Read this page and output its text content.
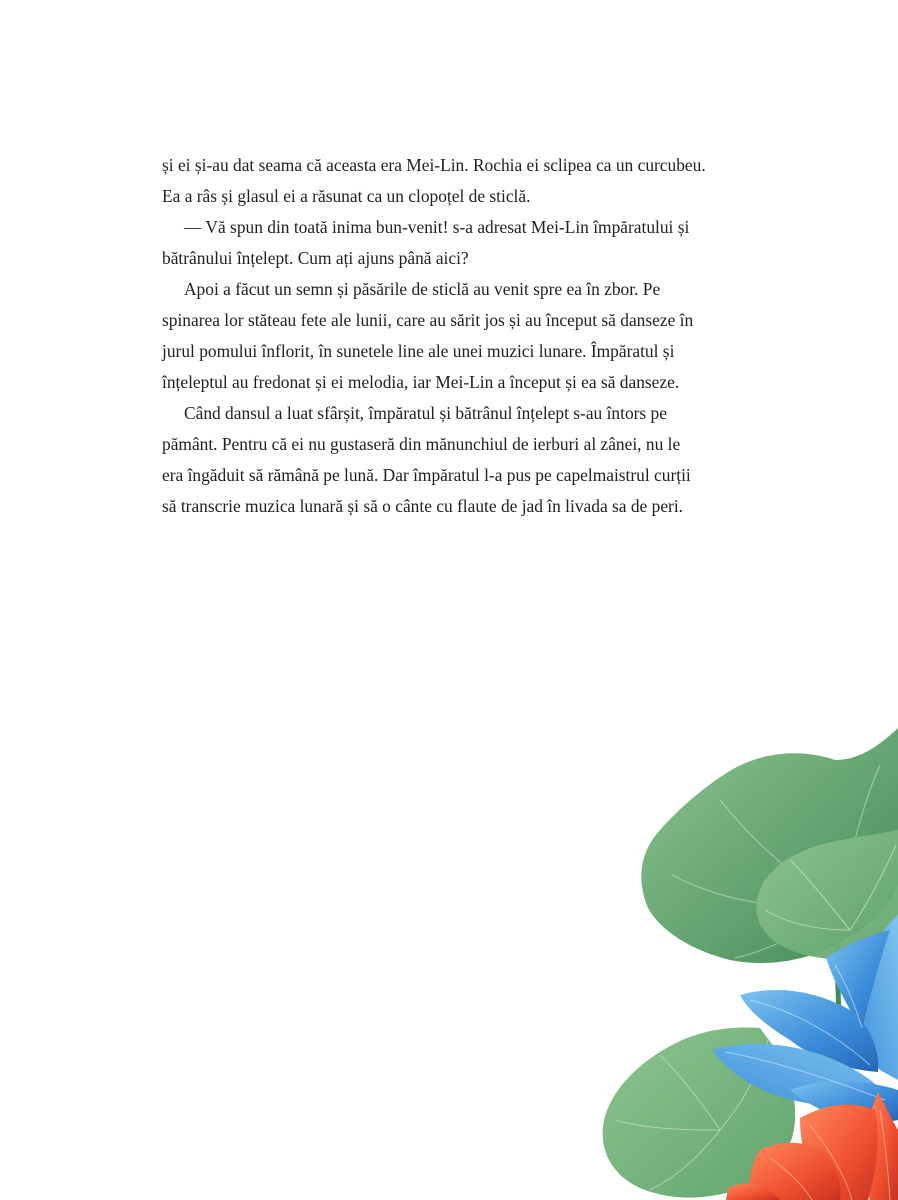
și ei și-au dat seama că aceasta era Mei-Lin. Rochia ei sclipea ca un curcubeu.
Ea a râs și glasul ei a răsunat ca un clopoțel de sticlă.

— Vă spun din toată inima bun-venit! s-a adresat Mei-Lin împăratului și
bătrânului înțelept. Cum ați ajuns până aici?

Apoi a făcut un semn și păsările de sticlă au venit spre ea în zbor. Pe
spinarea lor stăteau fete ale lunii, care au sărit jos și au început să danseze în
jurul pomului înflorit, în sunetele line ale unei muzici lunare. Împăratul și
înțeleptul au fredonat și ei melodia, iar Mei-Lin a început și ea să danseze.

Când dansul a luat sfârșit, împăratul și bătrânul înțelept s-au întors pe
pământ. Pentru că ei nu gustaseră din mănunchiul de ierburi al zânei, nu le
era îngăduit să rămână pe lună. Dar împăratul l-a pus pe capelmaistrul curții
să transcrie muzica lunară și să o cânte cu flaute de jad în livada sa de peri.
